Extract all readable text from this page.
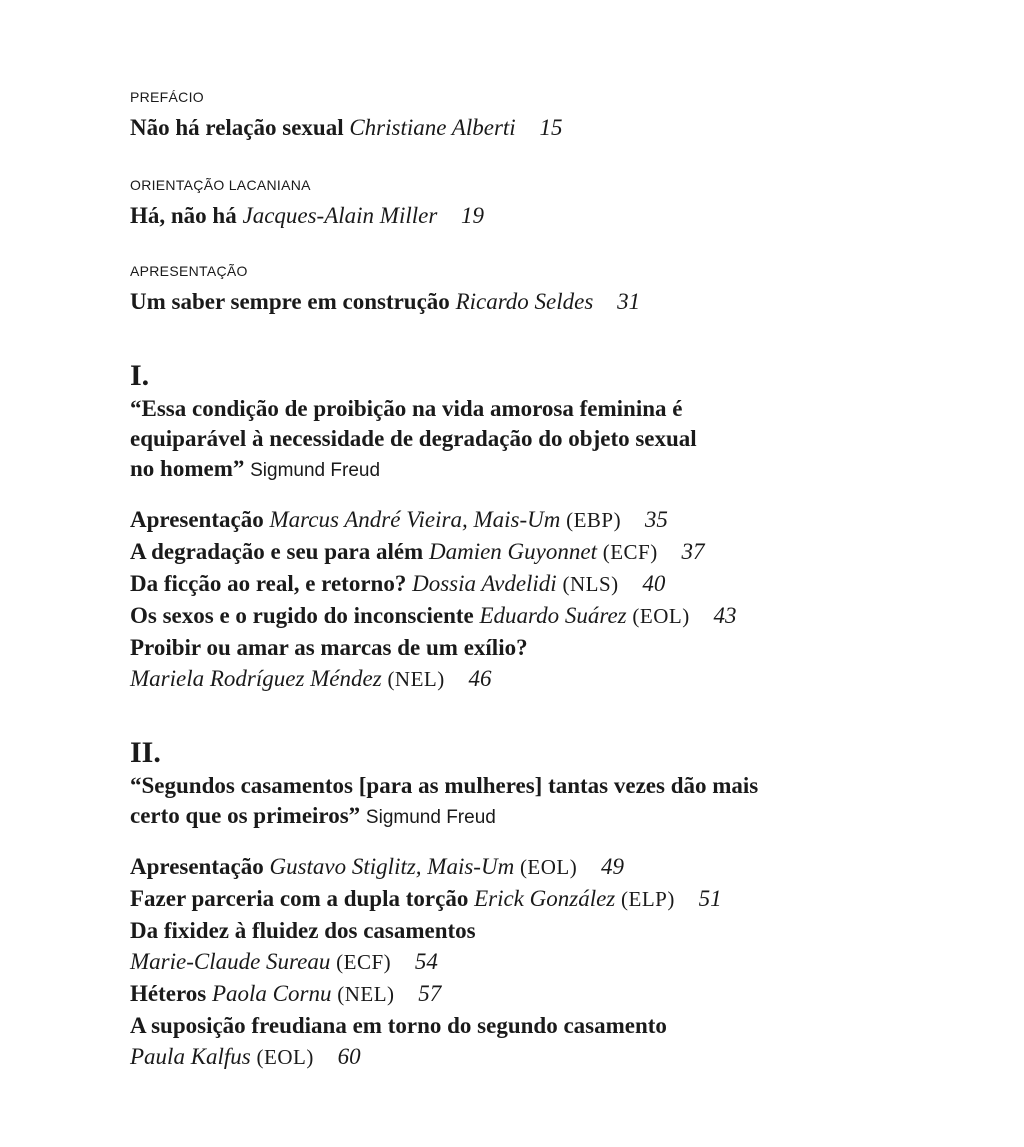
PREFÁCIO
Não há relação sexual Christiane Alberti 15
ORIENTAÇÃO LACANIANA
Há, não há Jacques-Alain Miller 19
APRESENTAÇÃO
Um saber sempre em construção Ricardo Seldes 31
I.
“Essa condição de proibição na vida amorosa feminina é
equiparável à necessidade de degradação do objeto sexual
no homem” Sigmund Freud
Apresentação Marcus André Vieira, Mais-Um (EBP) 35
A degradação e seu para além Damien Guyonnet (ECF) 37
Da ficção ao real, e retorno? Dossia Avdelidi (NLS) 40
Os sexos e o rugido do inconsciente Eduardo Suárez (EOL) 43
Proibir ou amar as marcas de um exílio?
Mariela Rodríguez Méndez (NEL) 46
II.
“Segundos casamentos [para as mulheres] tantas vezes dão mais
certo que os primeiros” Sigmund Freud
Apresentação Gustavo Stiglitz, Mais-Um (EOL) 49
Fazer parceria com a dupla torção Erick González (ELP) 51
Da fixidez à fluidez dos casamentos
Marie-Claude Sureau (ECF) 54
Héteros Paola Cornu (NEL) 57
A suposição freudiana em torno do segundo casamento
Paula Kalfus (EOL) 60
